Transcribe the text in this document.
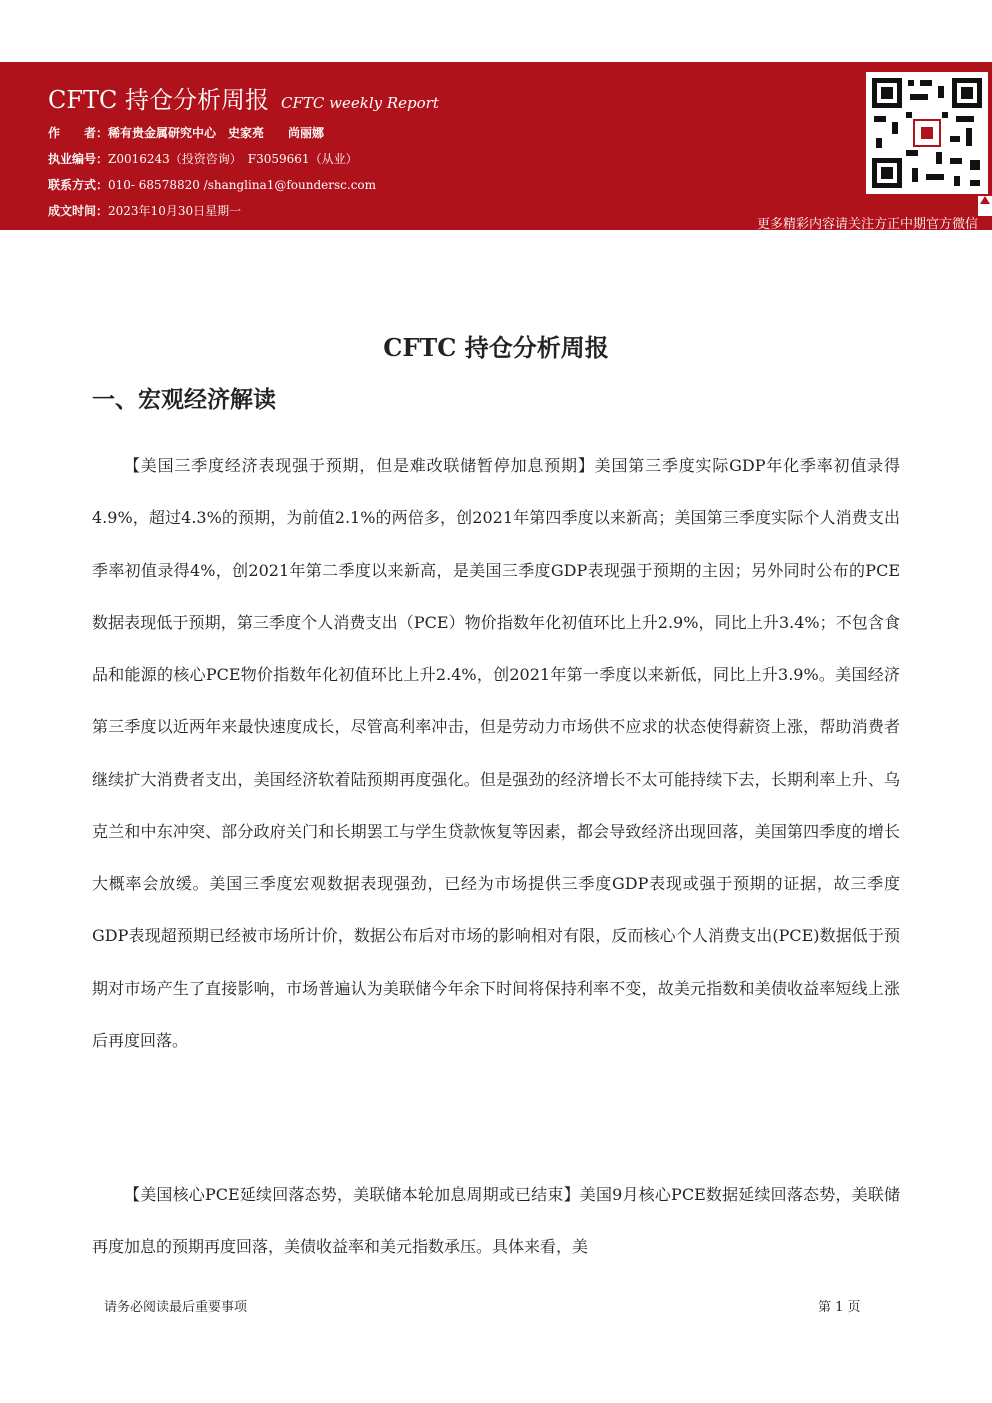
CFTC 持仓分析周报 CFTC weekly Report
作　　者：稀有贵金属研究中心　史家亮　　尚丽娜
执业编号：Z0016243（投资咨询）　F3059661（从业）
联系方式：010- 68578820 /shanglina1@foundersc.com
成文时间：2023年10月30日星期一
更多精彩内容请关注方正中期官方微信
CFTC 持仓分析周报
一、宏观经济解读

【美国三季度经济表现强于预期，但是难改联储暂停加息预期】美国第三季度实际GDP年化季率初值录得4.9%，超过4.3%的预期，为前值2.1%的两倍多，创2021年第四季度以来新高；美国第三季度实际个人消费支出季率初值录得4%，创2021年第二季度以来新高，是美国三季度GDP表现强于预期的主因；另外同时公布的PCE数据表现低于预期，第三季度个人消费支出（PCE）物价指数年化初值环比上升2.9%，同比上升3.4%；不包含食品和能源的核心PCE物价指数年化初值环比上升2.4%，创2021年第一季度以来新低，同比上升3.9%。美国经济第三季度以近两年来最快速度成长，尽管高利率冲击，但是劳动力市场供不应求的状态使得薪资上涨，帮助消费者继续扩大消费者支出，美国经济软着陆预期再度强化。但是强劲的经济增长不太可能持续下去，长期利率上升、乌克兰和中东冲突、部分政府关门和长期罢工与学生贷款恢复等因素，都会导致经济出现回落，美国第四季度的增长大概率会放缓。美国三季度宏观数据表现强劲，已经为市场提供三季度GDP表现或强于预期的证据，故三季度GDP表现超预期已经被市场所计价，数据公布后对市场的影响相对有限，反而核心个人消费支出(PCE)数据低于预期对市场产生了直接影响，市场普遍认为美联储今年余下时间将保持利率不变，故美元指数和美债收益率短线上涨后再度回落。

【美国核心PCE延续回落态势，美联储本轮加息周期或已结束】美国9月核心PCE数据延续回落态势，美联储再度加息的预期再度回落，美债收益率和美元指数承压。具体来看，美

请务必阅读最后重要事项	第 1 页
